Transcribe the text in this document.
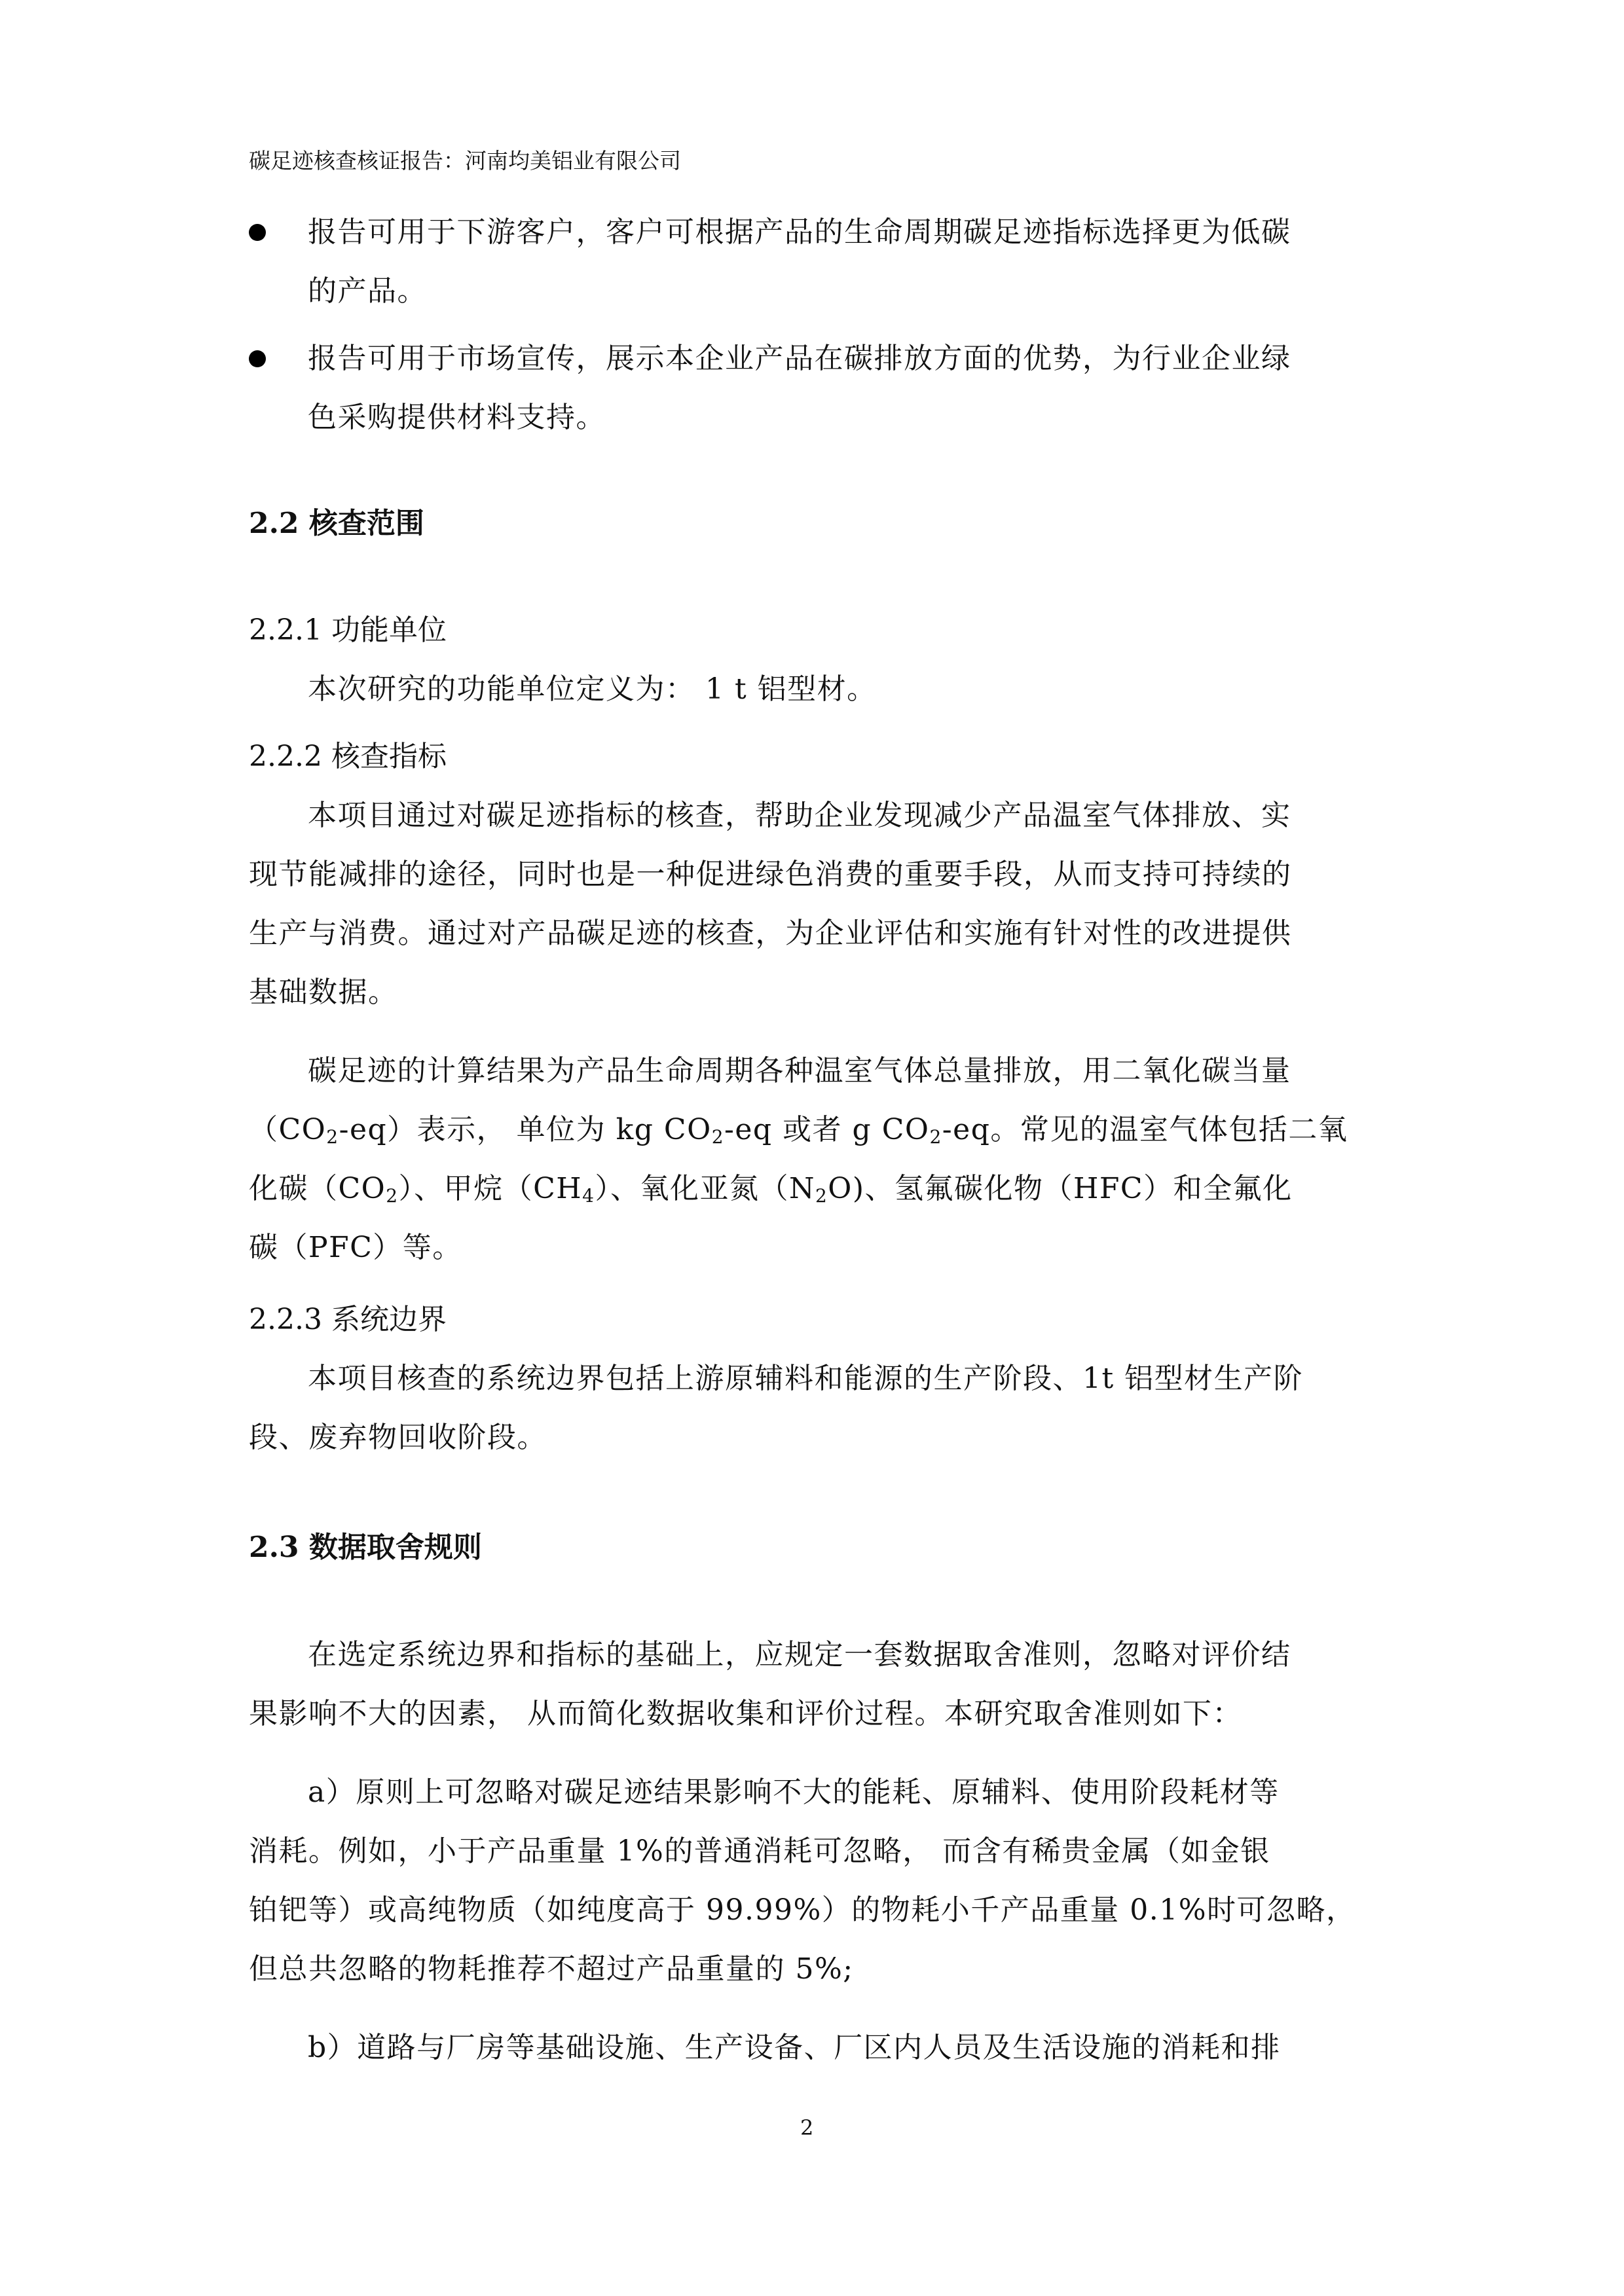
碳足迹核查核证报告：河南均美铝业有限公司
报告可用于下游客户，客户可根据产品的生命周期碳足迹指标选择更为低碳
的产品。
报告可用于市场宣传，展示本企业产品在碳排放方面的优势，为行业企业绿
色采购提供材料支持。
2.2 核查范围
2.2.1 功能单位
本次研究的功能单位定义为： 1 t 铝型材。
2.2.2 核查指标
本项目通过对碳足迹指标的核查，帮助企业发现减少产品温室气体排放、实
现节能减排的途径，同时也是一种促进绿色消费的重要手段，从而支持可持续的
生产与消费。通过对产品碳足迹的核查，为企业评估和实施有针对性的改进提供
基础数据。
碳足迹的计算结果为产品生命周期各种温室气体总量排放，用二氧化碳当量
$(CO_2-eq)$表示， 单位为 kg $CO_2-eq$ 或者 g $CO_2-eq$。常见的温室气体包括二氧
化碳$(CO_2)$、甲烷$(CH_4)$、氧化亚氮$(N_2O)$、氢氟碳化物（HFC）和全氟化
碳（PFC）等。
2.2.3 系统边界
本项目核查的系统边界包括上游原辅料和能源的生产阶段、1t 铝型材生产阶
段、废弃物回收阶段。
2.3 数据取舍规则
在选定系统边界和指标的基础上，应规定一套数据取舍准则，忽略对评价结
果影响不大的因素， 从而简化数据收集和评价过程。本研究取舍准则如下：
a）原则上可忽略对碳足迹结果影响不大的能耗、原辅料、使用阶段耗材等
消耗。例如，小于产品重量 1%的普通消耗可忽略， 而含有稀贵金属（如金银
铂钯等）或高纯物质（如纯度高于 99.99%）的物耗小千产品重量 0.1%时可忽略，
但总共忽略的物耗推荐不超过产品重量的 5%;
b）道路与厂房等基础设施、生产设备、厂区内人员及生活设施的消耗和排
2
